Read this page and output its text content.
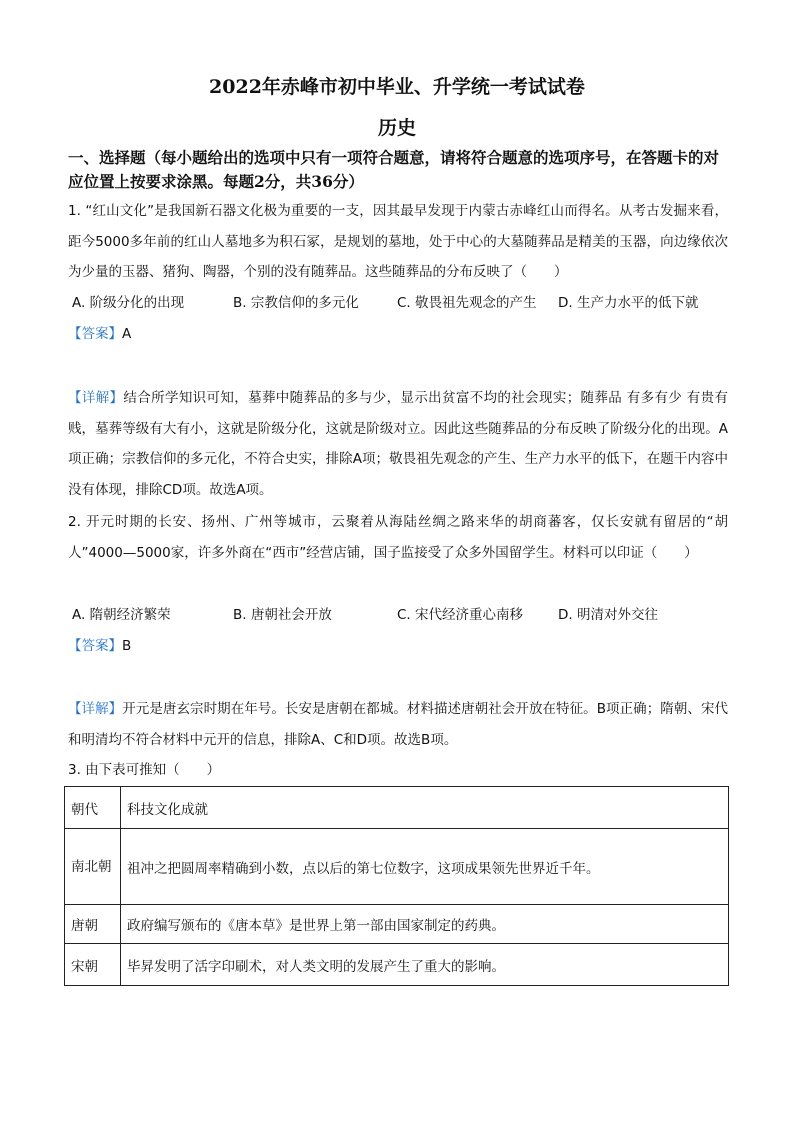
2022年赤峰市初中毕业、升学统一考试试卷
历史
一、选择题（每小题给出的选项中只有一项符合题意，请将符合题意的选项序号，在答题卡的对应位置上按要求涂黑。每题2分，共36分）
1. “红山文化”是我国新石器文化极为重要的一支，因其最早发现于内蒙古赤峰红山而得名。从考古发掘来看，距今5000多年前的红山人墓地多为积石冢，是规划的墓地，处于中心的大墓随葬品是精美的玉器，向边缘依次为少量的玉器、猪狗、陶器，个别的没有随葬品。这些随葬品的分布反映了（　　）
A. 阶级分化的出现	B. 宗教信仰的多元化	C. 敬畏祖先观念的产生 D. 生产力水平的低下就
【答案】A
【详解】结合所学知识可知，墓葬中随葬品的多与少，显示出贫富不均的社会现实；随葬品 有多有少 有贵有贱，墓葬等级有大有小，这就是阶级分化，这就是阶级对立。因此这些随葬品的分布反映了阶级分化的出现。A项正确；宗教信仰的多元化，不符合史实，排除A项；敬畏祖先观念的产生、生产力水平的低下，在题干内容中没有体现，排除CD项。故选A项。
2. 开元时期的长安、扬州、广州等城市，云聚着从海陆丝绸之路来华的胡商蕃客，仅长安就有留居的“胡人”4000—5000家，许多外商在“西市”经营店铺，国子监接受了众多外国留学生。材料可以印证（　　）
A. 隋朝经济繁荣	B. 唐朝社会开放	C. 宋代经济重心南移	D. 明清对外交往
【答案】B
【详解】开元是唐玄宗时期在年号。长安是唐朝在都城。材料描述唐朝社会开放在特征。B项正确；隋朝、宋代和明清均不符合材料中元开的信息，排除A、C和D项。故选B项。
3. 由下表可推知（　　）
朝代	科技文化成就
南北朝	祖冲之把圆周率精确到小数，点以后的第七位数字，这项成果领先世界近千年。
唐朝	政府编写颁布的《唐本草》是世界上第一部由国家制定的药典。
宋朝	毕昇发明了活字印刷术，对人类文明的发展产生了重大的影响。
